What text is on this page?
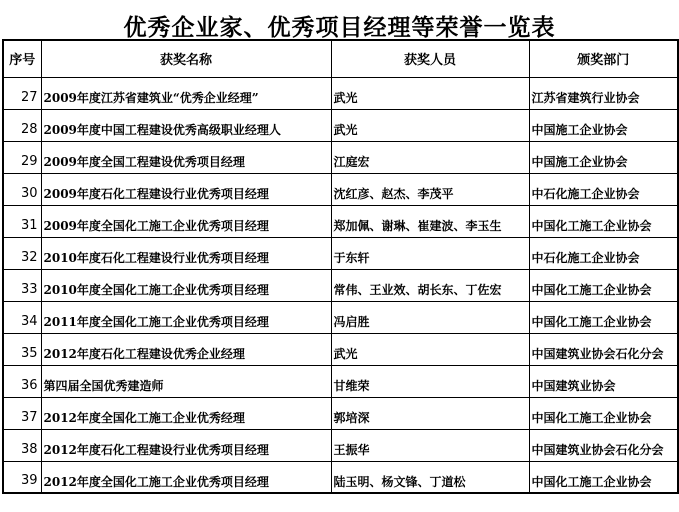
优秀企业家、优秀项目经理等荣誉一览表
序号	获奖名称	获奖人员	颁奖部门
27	2009年度江苏省建筑业“优秀企业经理”	武光	江苏省建筑行业协会
28	2009年度中国工程建设优秀高级职业经理人	武光	中国施工企业协会
29	2009年度全国工程建设优秀项目经理	江庭宏	中国施工企业协会
30	2009年度石化工程建设行业优秀项目经理	沈红彦、赵杰、李茂平	中石化施工企业协会
31	2009年度全国化工施工企业优秀项目经理	郑加佩、谢琳、崔建波、李玉生	中国化工施工企业协会
32	2010年度石化工程建设行业优秀项目经理	于东轩	中石化施工企业协会
33	2010年度全国化工施工企业优秀项目经理	常伟、王业效、胡长东、丁佐宏	中国化工施工企业协会
34	2011年度全国化工施工企业优秀项目经理	冯启胜	中国化工施工企业协会
35	2012年度石化工程建设优秀企业经理	武光	中国建筑业协会石化分会
36	第四届全国优秀建造师	甘维荣	中国建筑业协会
37	2012年度全国化工施工企业优秀经理	郭培深	中国化工施工企业协会
38	2012年度石化工程建设行业优秀项目经理	王振华	中国建筑业协会石化分会
39	2012年度全国化工施工企业优秀项目经理	陆玉明、杨文锋、丁道松	中国化工施工企业协会
